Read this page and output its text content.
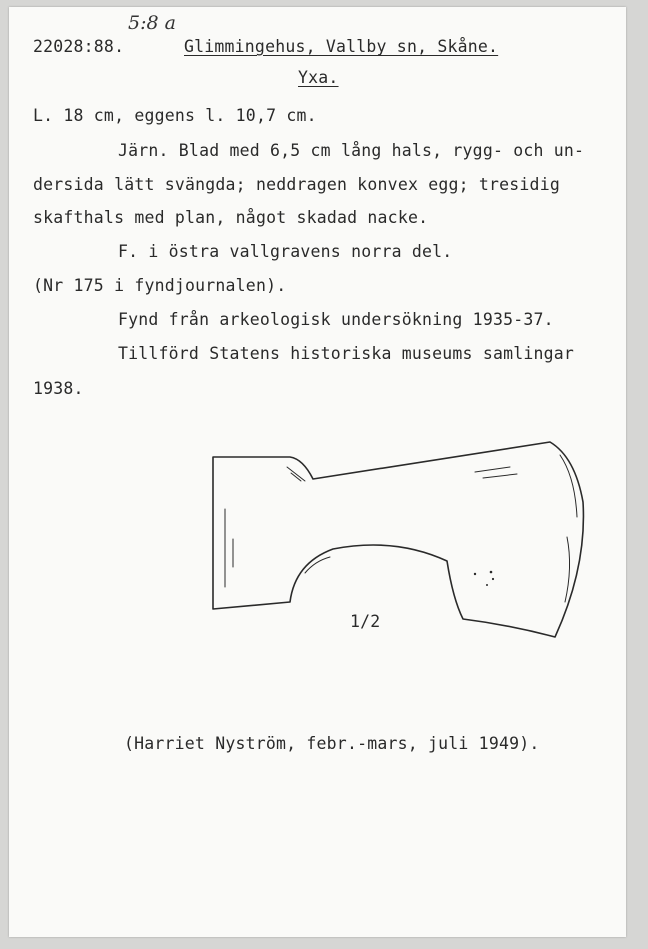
5:8 a
22028:88.	Glimmingehus, Vallby sn, Skåne.
Yxa.
L. 18 cm, eggens l. 10,7 cm.
Järn. Blad med 6,5 cm lång hals, rygg- och un-
dersida lätt svängda; neddragen konvex egg; tresidig
skafthals med plan, något skadad nacke.
F. i östra vallgravens norra del.
(Nr 175 i fyndjournalen).
Fynd från arkeologisk undersökning 1935-37.
Tillförd Statens historiska museums samlingar
1938.
1/2
(Harriet Nyström, febr.-mars, juli 1949).
